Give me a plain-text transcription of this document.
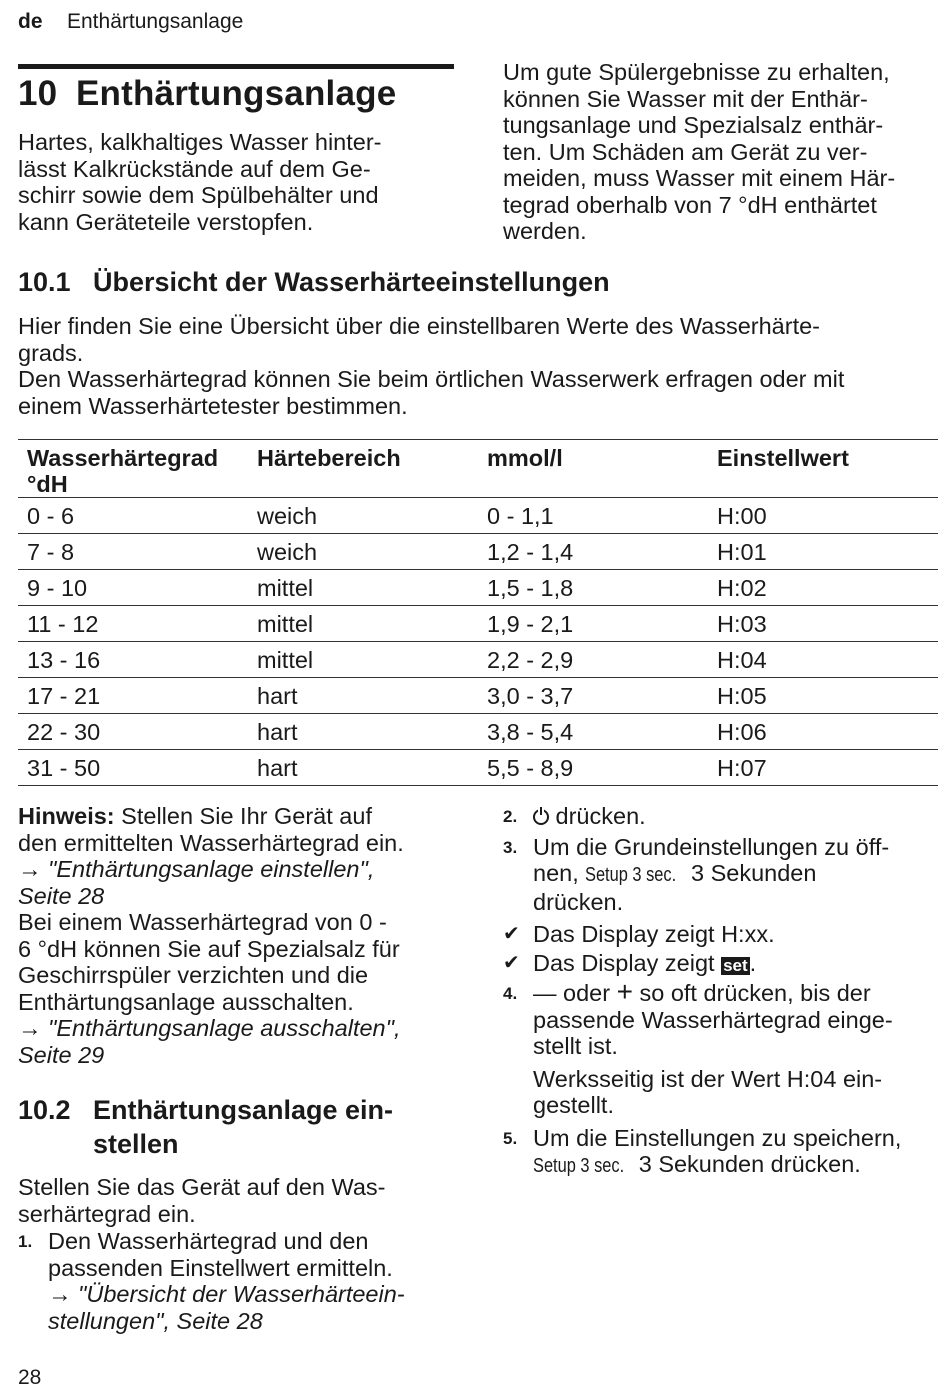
de Enthärtungsanlage
10 Enthärtungsanlage
Hartes, kalkhaltiges Wasser hinter-
lässt Kalkrückstände auf dem Ge-
schirr sowie dem Spülbehälter und
kann Geräteteile verstopfen.
Um gute Spülergebnisse zu erhalten,
können Sie Wasser mit der Enthär-
tungsanlage und Spezialsalz enthär-
ten. Um Schäden am Gerät zu ver-
meiden, muss Wasser mit einem Här-
tegrad oberhalb von 7 °dH enthärtet
werden.
10.1 Übersicht der Wasserhärteeinstellungen
Hier finden Sie eine Übersicht über die einstellbaren Werte des Wasserhärte-
grads.
Den Wasserhärtegrad können Sie beim örtlichen Wasserwerk erfragen oder mit
einem Wasserhärtetester bestimmen.
Wasserhärtegrad
°dH	Härtebereich	mmol/l	Einstellwert
0 - 6	weich	0 - 1,1	H:00
7 - 8	weich	1,2 - 1,4	H:01
9 - 10	mittel	1,5 - 1,8	H:02
11 - 12	mittel	1,9 - 2,1	H:03
13 - 16	mittel	2,2 - 2,9	H:04
17 - 21	hart	3,0 - 3,7	H:05
22 - 30	hart	3,8 - 5,4	H:06
31 - 50	hart	5,5 - 8,9	H:07
Hinweis: Stellen Sie Ihr Gerät auf
den ermittelten Wasserhärtegrad ein.
→ "Enthärtungsanlage einstellen",
Seite 28
Bei einem Wasserhärtegrad von 0 -
6 °dH können Sie auf Spezialsalz für
Geschirrspüler verzichten und die
Enthärtungsanlage ausschalten.
→ "Enthärtungsanlage ausschalten",
Seite 29
10.2 Enthärtungsanlage ein-
stellen
Stellen Sie das Gerät auf den Was-
serhärtegrad ein.
1. Den Wasserhärtegrad und den
passenden Einstellwert ermitteln.
→ "Übersicht der Wasserhärteein-
stellungen", Seite 28
2. drücken.
3. Um die Grundeinstellungen zu öff-
nen, Setup 3 sec. 3 Sekunden
drücken.
✔ Das Display zeigt H:xx.
✔ Das Display zeigt set.
4. — oder + so oft drücken, bis der
passende Wasserhärtegrad einge-
stellt ist.
Werksseitig ist der Wert H:04 ein-
gestellt.
5. Um die Einstellungen zu speichern,
Setup 3 sec. 3 Sekunden drücken.
28
